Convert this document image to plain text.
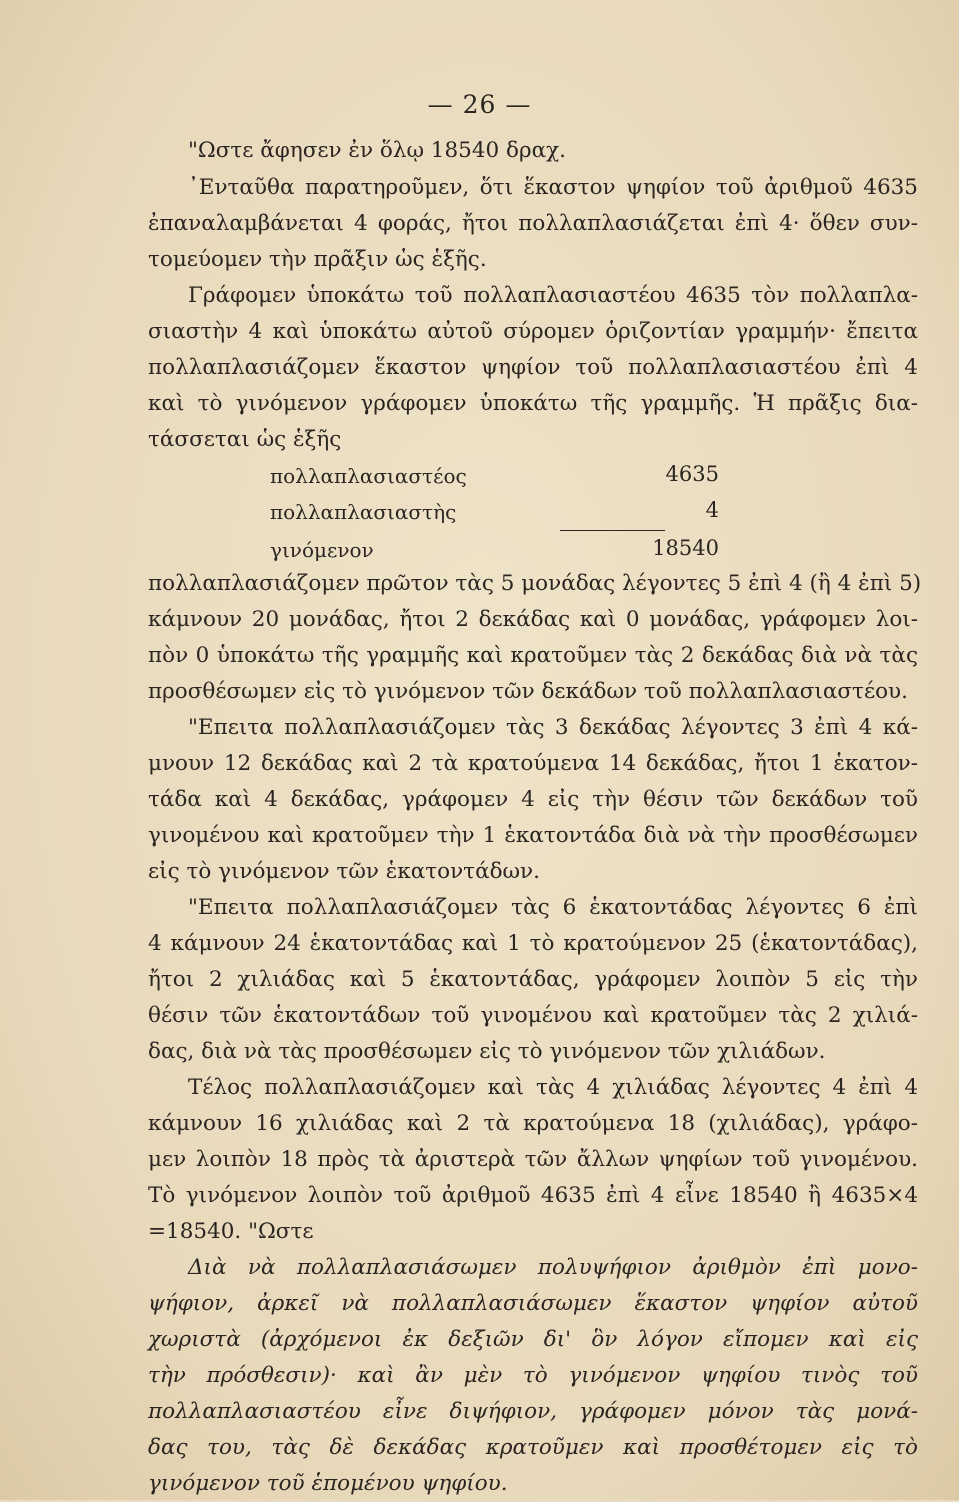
— 26 —
"Ωστε ἄφησεν ἐν ὅλῳ 18540 δραχ.
᾿Ενταῦθα παρατηροῦμεν, ὅτι ἕκαστον ψηφίον τοῦ ἀριθμοῦ 4635
ἐπαναλαμβάνεται 4 φοράς, ἤτοι πολλαπλασιάζεται ἐπὶ 4· ὅθεν συν-
τομεύομεν τὴν πρᾶξιν ὡς ἑξῆς.
Γράφομεν ὑποκάτω τοῦ πολλαπλασιαστέου 4635 τὸν πολλαπλα-
σιαστὴν 4 καὶ ὑποκάτω αὐτοῦ σύρομεν ὁριζοντίαν γραμμήν· ἔπειτα
πολλαπλασιάζομεν ἕκαστον ψηφίον τοῦ πολλαπλασιαστέου ἐπὶ 4
καὶ τὸ γινόμενον γράφομεν ὑποκάτω τῆς γραμμῆς. Ἡ πρᾶξις δια-
τάσσεται ὡς ἑξῆς
πολλαπλασιαστέος	4635
πολλαπλασιαστὴς	4
γινόμενον	18540
πολλαπλασιάζομεν πρῶτον τὰς 5 μονάδας λέγοντες 5 ἐπὶ 4 (ἢ 4 ἐπὶ 5)
κάμνουν 20 μονάδας, ἤτοι 2 δεκάδας καὶ 0 μονάδας, γράφομεν λοι-
πὸν 0 ὑποκάτω τῆς γραμμῆς καὶ κρατοῦμεν τὰς 2 δεκάδας διὰ νὰ τὰς
προσθέσωμεν εἰς τὸ γινόμενον τῶν δεκάδων τοῦ πολλαπλασιαστέου.
"Επειτα πολλαπλασιάζομεν τὰς 3 δεκάδας λέγοντες 3 ἐπὶ 4 κά-
μνουν 12 δεκάδας καὶ 2 τὰ κρατούμενα 14 δεκάδας, ἤτοι 1 ἑκατον-
τάδα καὶ 4 δεκάδας, γράφομεν 4 εἰς τὴν θέσιν τῶν δεκάδων τοῦ
γινομένου καὶ κρατοῦμεν τὴν 1 ἑκατοντάδα διὰ νὰ τὴν προσθέσωμεν
εἰς τὸ γινόμενον τῶν ἑκατοντάδων.
"Επειτα πολλαπλασιάζομεν τὰς 6 ἑκατοντάδας λέγοντες 6 ἐπὶ
4 κάμνουν 24 ἑκατοντάδας καὶ 1 τὸ κρατούμενον 25 (ἑκατοντάδας),
ἤτοι 2 χιλιάδας καὶ 5 ἑκατοντάδας, γράφομεν λοιπὸν 5 εἰς τὴν
θέσιν τῶν ἑκατοντάδων τοῦ γινομένου καὶ κρατοῦμεν τὰς 2 χιλιά-
δας, διὰ νὰ τὰς προσθέσωμεν εἰς τὸ γινόμενον τῶν χιλιάδων.
Τέλος πολλαπλασιάζομεν καὶ τὰς 4 χιλιάδας λέγοντες 4 ἐπὶ 4
κάμνουν 16 χιλιάδας καὶ 2 τὰ κρατούμενα 18 (χιλιάδας), γράφο-
μεν λοιπὸν 18 πρὸς τὰ ἀριστερὰ τῶν ἄλλων ψηφίων τοῦ γινομένου.
Τὸ γινόμενον λοιπὸν τοῦ ἀριθμοῦ 4635 ἐπὶ 4 εἶνε 18540 ἢ 4635×4
=18540. "Ωστε
Διὰ νὰ πολλαπλασιάσωμεν πολυψήφιον ἀριθμὸν ἐπὶ μονο-
ψήφιον, ἀρκεῖ νὰ πολλαπλασιάσωμεν ἕκαστον ψηφίον αὐτοῦ
χωριστὰ (ἀρχόμενοι ἐκ δεξιῶν δι' ὃν λόγον εἴπομεν καὶ εἰς
τὴν πρόσθεσιν)· καὶ ἂν μὲν τὸ γινόμενον ψηφίου τινὸς τοῦ
πολλαπλασιαστέου εἶνε διψήφιον, γράφομεν μόνον τὰς μονά-
δας του, τὰς δὲ δεκάδας κρατοῦμεν καὶ προσθέτομεν εἰς τὸ
γινόμενον τοῦ ἑπομένου ψηφίου.
